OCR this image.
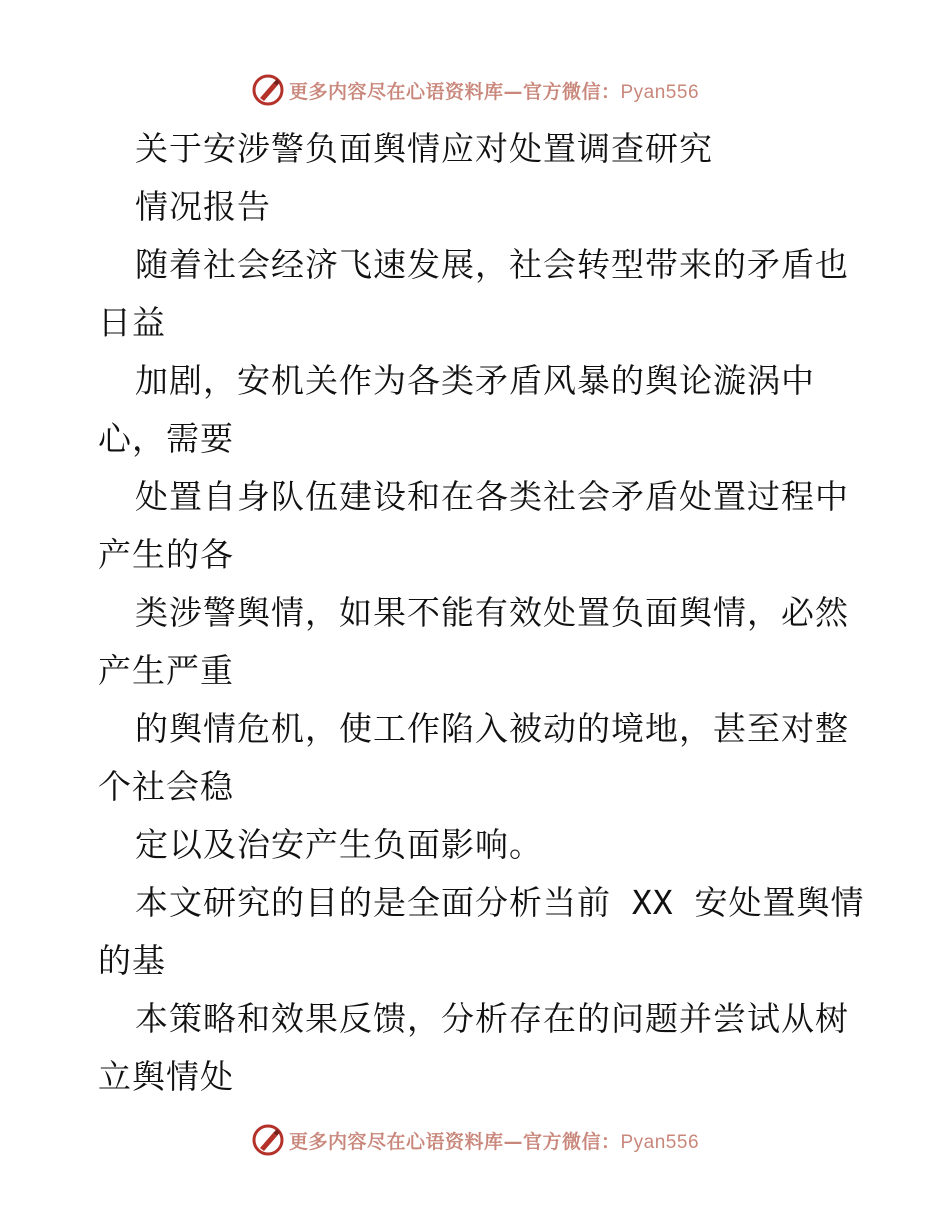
更多内容尽在心语资料库—官方微信：Pyan556
关于安涉警负面舆情应对处置调查研究
情况报告
随着社会经济飞速发展，社会转型带来的矛盾也
日益
加剧，安机关作为各类矛盾风暴的舆论漩涡中
心，需要
处置自身队伍建设和在各类社会矛盾处置过程中
产生的各
类涉警舆情，如果不能有效处置负面舆情，必然
产生严重
的舆情危机，使工作陷入被动的境地，甚至对整
个社会稳
定以及治安产生负面影响。
本文研究的目的是全面分析当前 XX 安处置舆情
的基
本策略和效果反馈，分析存在的问题并尝试从树
立舆情处
更多内容尽在心语资料库—官方微信：Pyan556
